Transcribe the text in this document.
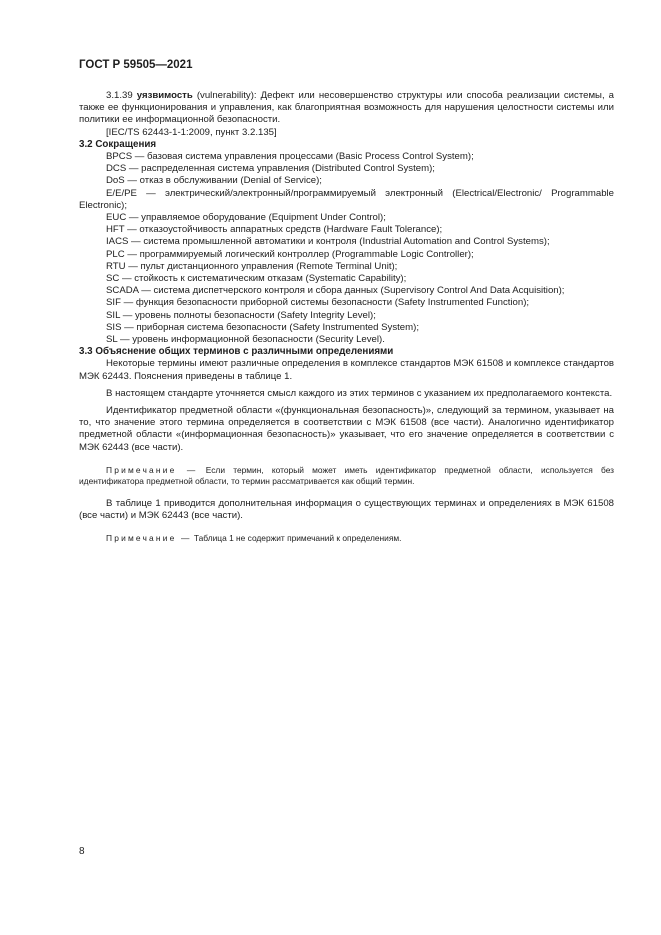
ГОСТ Р 59505—2021

3.1.39 уязвимость (vulnerability): Дефект или несовершенство структуры или способа реализации системы, а также ее функционирования и управления, как благоприятная возможность для нарушения целостности системы или политики ее информационной безопасности.

[IEC/TS 62443-1-1:2009, пункт 3.2.135]

3.2 Сокращения

BPCS — базовая система управления процессами (Basic Process Control System);

DCS — распределенная система управления (Distributed Control System);

DoS — отказ в обслуживании (Denial of Service);

E/E/PE — электрический/электронный/программируемый электронный (Electrical/Electronic/ Programmable Electronic);

EUC — управляемое оборудование (Equipment Under Control);

HFT — отказоустойчивость аппаратных средств (Hardware Fault Tolerance);

IACS — система промышленной автоматики и контроля (Industrial Automation and Control Systems);

PLC — программируемый логический контроллер (Programmable Logic Controller);

RTU — пульт дистанционного управления (Remote Terminal Unit);

SC — стойкость к систематическим отказам (Systematic Capability);

SCADA — система диспетчерского контроля и сбора данных (Supervisory Control And Data Acquisition);

SIF — функция безопасности приборной системы безопасности (Safety Instrumented Function);

SIL — уровень полноты безопасности (Safety Integrity Level);

SIS — приборная система безопасности (Safety Instrumented System);

SL — уровень информационной безопасности (Security Level).

3.3 Объяснение общих терминов с различными определениями

Некоторые термины имеют различные определения в комплексе стандартов МЭК 61508 и комплексе стандартов МЭК 62443. Пояснения приведены в таблице 1.

В настоящем стандарте уточняется смысл каждого из этих терминов с указанием их предполагаемого контекста.

Идентификатор предметной области «(функциональная безопасность)», следующий за термином, указывает на то, что значение этого термина определяется в соответствии с МЭК 61508 (все части). Аналогично идентификатор предметной области «(информационная безопасность)» указывает, что его значение определяется в соответствии с МЭК 62443 (все части).

Примечание — Если термин, который может иметь идентификатор предметной области, используется без идентификатора предметной области, то термин рассматривается как общий термин.

В таблице 1 приводится дополнительная информация о существующих терминах и определениях в МЭК 61508 (все части) и МЭК 62443 (все части).

Примечание — Таблица 1 не содержит примечаний к определениям.

8
